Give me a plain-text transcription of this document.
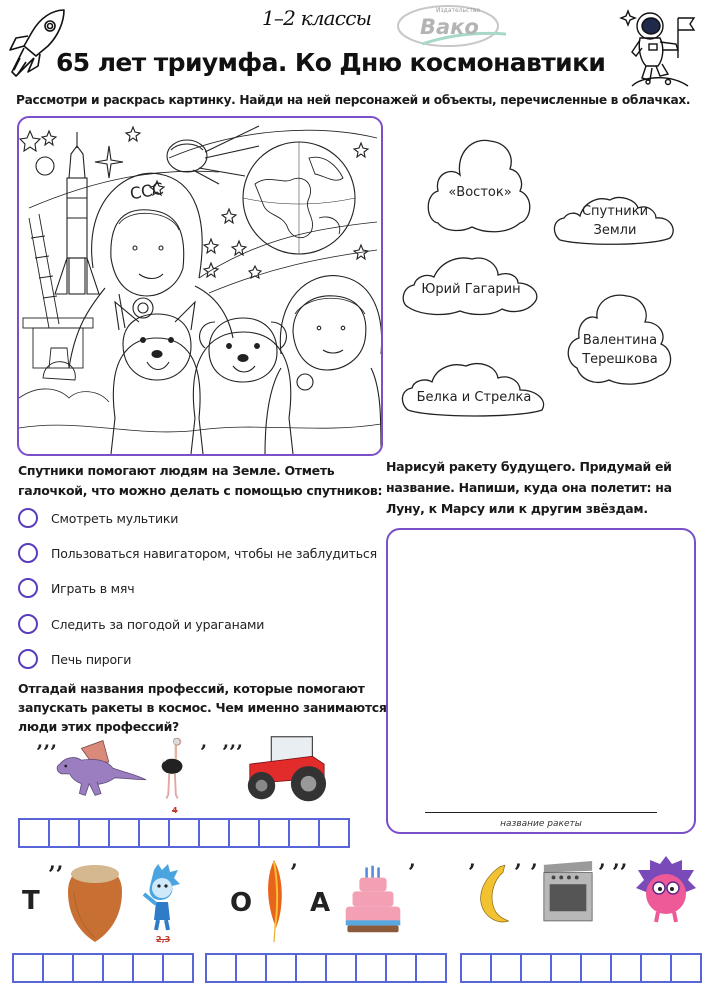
1–2 классы	Издательство
Вако
65 лет триумфа. Ко Дню космонавтики
Рассмотри и раскрась картинку. Найди на ней персонажей и объекты, перечисленные в облачках.
CCC	«Восток»
Спутники
Земли
Юрий Гагарин
Валентина
Терешкова
Белка и Стрелка
Спутники помогают людям на Земле. Отметь
галочкой, что можно делать с помощью спутников:
Смотреть мультики
Пользоваться навигатором, чтобы не заблудиться
Играть в мяч
Следить за погодой и ураганами
Печь пироги
Нарисуй ракету будущего. Придумай ей
название. Напиши, куда она полетит: на
Луну, к Марсу или к другим звёздам.
название ракеты
Отгадай названия профессий, которые помогают
запускать ракеты в космос. Чем именно занимаются
люди этих профессий?
’’’	’
4
’’’
Т
’’
2,3
О
’
А
’ ’ ’ ’	’ ’’
